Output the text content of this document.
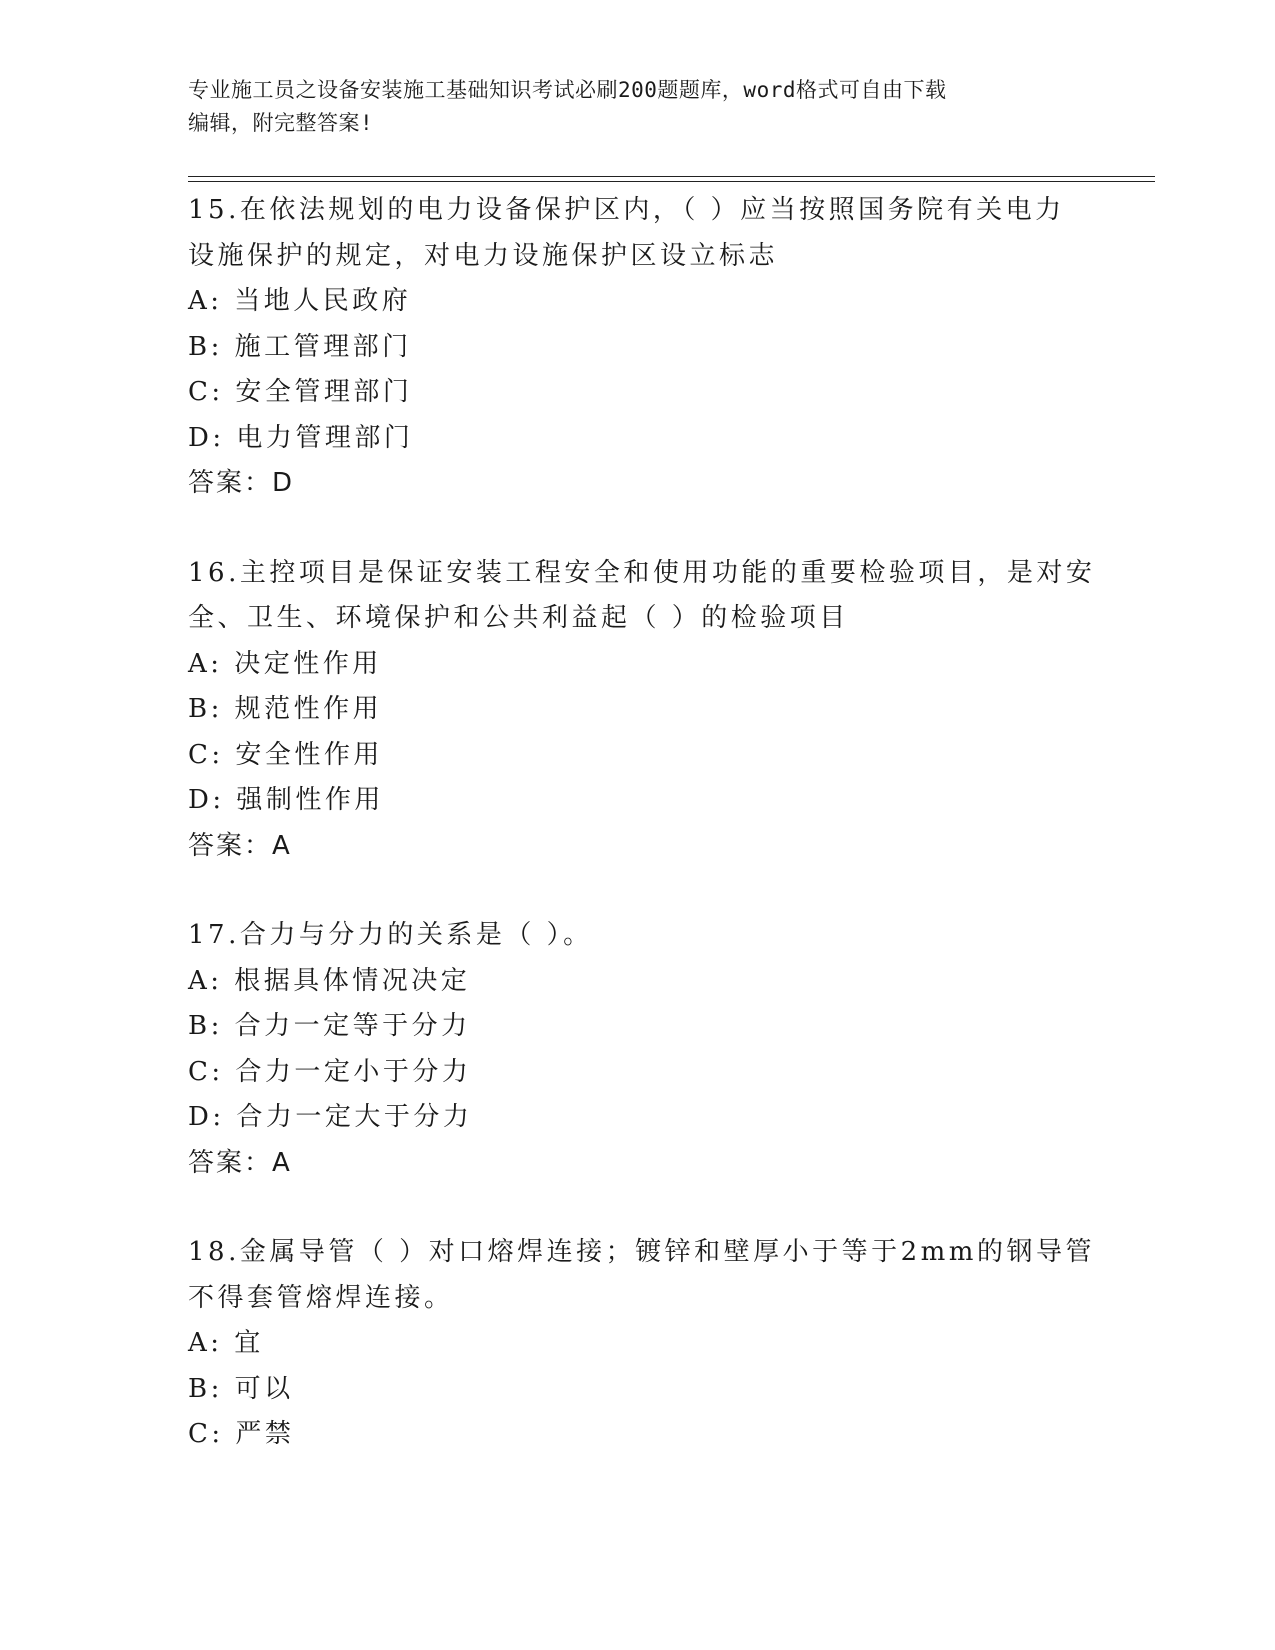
专业施工员之设备安装施工基础知识考试必刷200题题库，word格式可自由下载
编辑，附完整答案!
15.在依法规划的电力设备保护区内，（ ）应当按照国务院有关电力
设施保护的规定，对电力设施保护区设立标志
A: 当地人民政府
B: 施工管理部门
C: 安全管理部门
D: 电力管理部门
答案：D
16.主控项目是保证安装工程安全和使用功能的重要检验项目，是对安
全、卫生、环境保护和公共利益起（ ）的检验项目
A: 决定性作用
B: 规范性作用
C: 安全性作用
D: 强制性作用
答案：A
17.合力与分力的关系是（ ）。
A: 根据具体情况决定
B: 合力一定等于分力
C: 合力一定小于分力
D: 合力一定大于分力
答案：A
18.金属导管（ ）对口熔焊连接；镀锌和壁厚小于等于2mm的钢导管
不得套管熔焊连接。
A: 宜
B: 可以
C: 严禁
